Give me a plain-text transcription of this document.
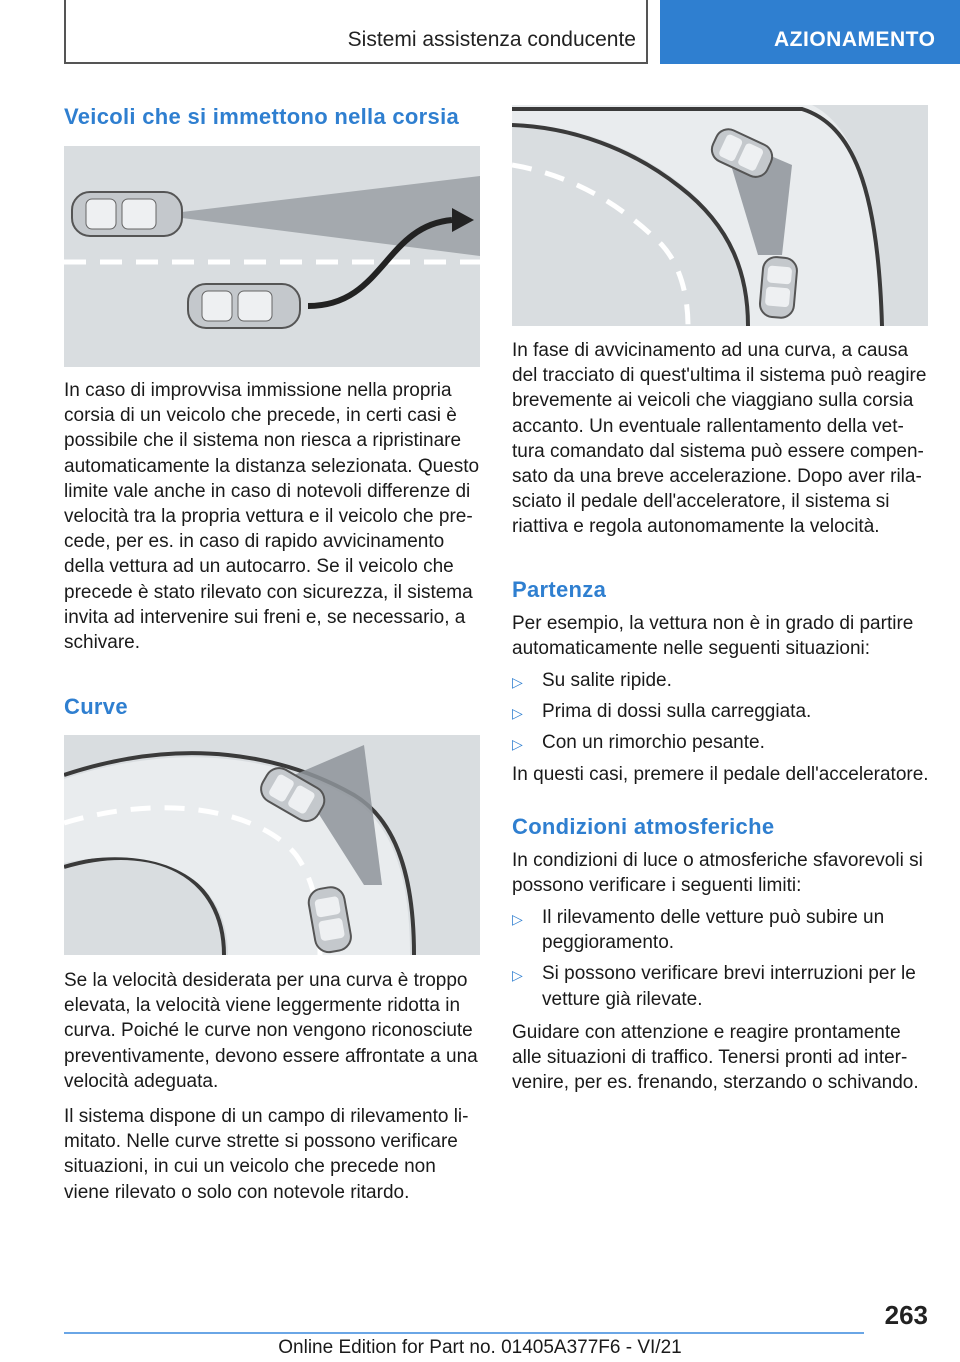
Sistemi assistenza conducente	AZIONAMENTO
Veicoli che si immettono nella corsia

In caso di improvvisa immissione nella propria corsia di un veicolo che precede, in certi casi è possibile che il sistema non riesca a ripristinare automaticamente la distanza selezionata. Questo limite vale anche in caso di notevoli differenze di velocità tra la propria vettura e il veicolo che pre-cede, per es. in caso di rapido avvicinamento della vettura ad un autocarro. Se il veicolo che precede è stato rilevato con sicurezza, il sistema invita ad intervenire sui freni e, se necessario, a schivare.

Curve

Se la velocità desiderata per una curva è troppo elevata, la velocità viene leggermente ridotta in curva. Poiché le curve non vengono riconosciute preventivamente, devono essere affrontate a una velocità adeguata.

Il sistema dispone di un campo di rilevamento li-mitato. Nelle curve strette si possono verificare situazioni, in cui un veicolo che precede non viene rilevato o solo con notevole ritardo.

In fase di avvicinamento ad una curva, a causa del tracciato di quest'ultima il sistema può reagire brevemente ai veicoli che viaggiano sulla corsia accanto. Un eventuale rallentamento della vet-tura comandato dal sistema può essere compen-sato da una breve accelerazione. Dopo aver rila-sciato il pedale dell'acceleratore, il sistema si riattiva e regola autonomamente la velocità.

Partenza

Per esempio, la vettura non è in grado di partire automaticamente nelle seguenti situazioni:

▷ Su salite ripide.
▷ Prima di dossi sulla carreggiata.
▷ Con un rimorchio pesante.

In questi casi, premere il pedale dell'acceleratore.

Condizioni atmosferiche

In condizioni di luce o atmosferiche sfavorevoli si possono verificare i seguenti limiti:

▷ Il rilevamento delle vetture può subire un peggioramento.
▷ Si possono verificare brevi interruzioni per le vetture già rilevate.

Guidare con attenzione e reagire prontamente alle situazioni di traffico. Tenersi pronti ad inter-venire, per es. frenando, sterzando o schivando.

263
Online Edition for Part no. 01405A377F6 - VI/21
